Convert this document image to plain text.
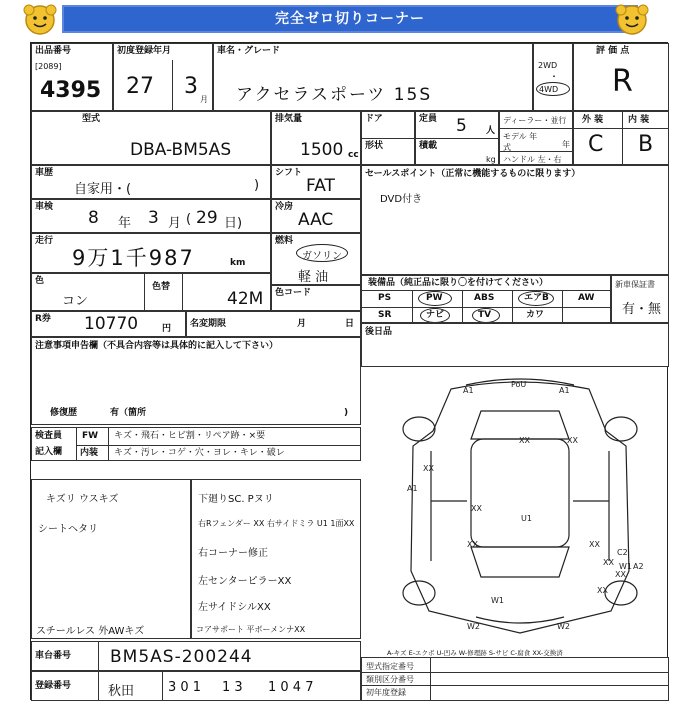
完全ゼロ切りコーナー
出品番号
[2089]
4395
初度登録年月
27 3
月
車名・グレード
アクセラスポーツ 15S
2WD
・
4WD
評 価 点
R
型式
DBA-BM5AS
排気量
1500 cc
ドア
形状
定員 5 人
積載
kg
ディーラー・並行
モデル 年式	年
ハンドル 左・右
外 装	内 装
C B
車歴
自家用・(	)
シフト
FAT
車検
8 年 3 月 ( 29 日)
冷房
AAC
走行
9万1千987	km
燃料
ガソリン
軽 油
色
コン
色替
色コード
42M
R券 10770	円 名変期限	月	日
セールスポイント（正常に機能するものに限ります）
DVD付き
装備品（純正品に限り〇を付けてください）
PS	PW	ABS	エアB	AW
SR	ナビ	TV	カワ
新車保証書
有・無
後日品
注意事項申告欄（不具合内容等は具体的に記入して下さい）
修復歴	有（箇所	)
検査員
記入欄
FW キズ・飛石・ヒビ割・リペア跡・×要
内装 キズ・汚レ・コゲ・穴・ヨレ・キレ・破レ
キズリ ウスキズ
シートヘタリ
スチールレス 外AWキズ
下廻りSC. Pヌリ
右Rフェンダー XX 右サイドミラ U1 1面XX
右コーナー修正
左センターピラーXX
左サイドシルXX
コアサポート 平ボーメンナXX
A1
PoU
A1
XX	XX
XX
A1
XX
U1
XX	XX
XX
C2
XX
W1
XX
W1
W2	W2
A2
A-キズ E-エクボ U-凹み W-修理跡 S-サビ C-腐食 XX-交換済
車台番号 BM5AS-200244
登録番号	秋田	3 0 1 1 3 1 0 4 7
型式指定番号
類別区分番号
初年度登録
